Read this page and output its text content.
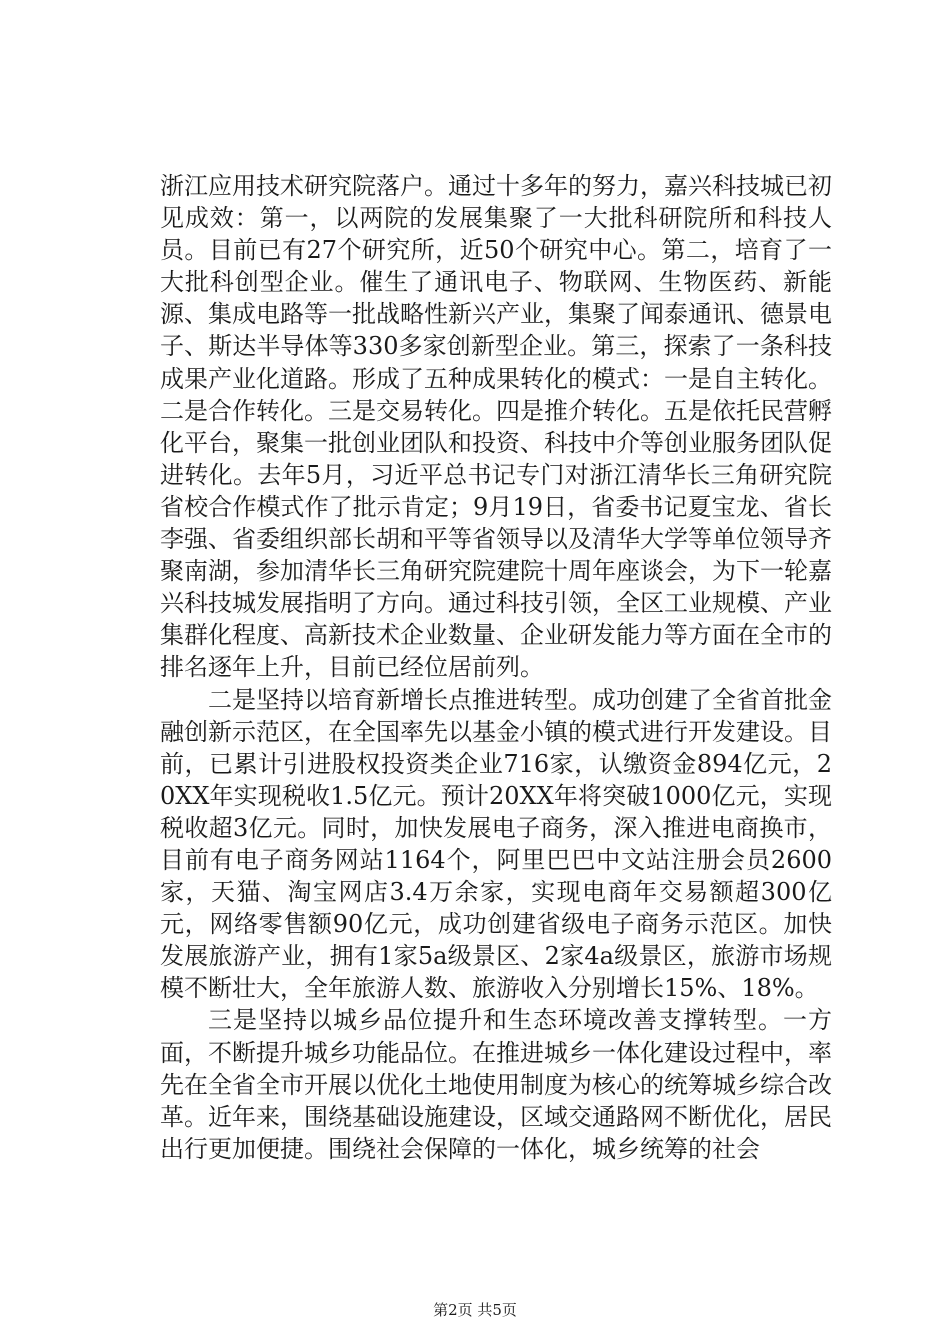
浙江应用技术研究院落户。通过十多年的努力，嘉兴科技城已初见成效：第一，以两院的发展集聚了一大批科研院所和科技人员。目前已有27个研究所，近50个研究中心。第二，培育了一大批科创型企业。催生了通讯电子、物联网、生物医药、新能源、集成电路等一批战略性新兴产业，集聚了闻泰通讯、德景电子、斯达半导体等330多家创新型企业。第三，探索了一条科技成果产业化道路。形成了五种成果转化的模式：一是自主转化。二是合作转化。三是交易转化。四是推介转化。五是依托民营孵化平台，聚集一批创业团队和投资、科技中介等创业服务团队促进转化。去年5月，习近平总书记专门对浙江清华长三角研究院省校合作模式作了批示肯定；9月19日，省委书记夏宝龙、省长李强、省委组织部长胡和平等省领导以及清华大学等单位领导齐聚南湖，参加清华长三角研究院建院十周年座谈会，为下一轮嘉兴科技城发展指明了方向。通过科技引领，全区工业规模、产业集群化程度、高新技术企业数量、企业研发能力等方面在全市的排名逐年上升，目前已经位居前列。

二是坚持以培育新增长点推进转型。成功创建了全省首批金融创新示范区，在全国率先以基金小镇的模式进行开发建设。目前，已累计引进股权投资类企业716家，认缴资金894亿元，20XX年实现税收1.5亿元。预计20XX年将突破1000亿元，实现税收超3亿元。同时，加快发展电子商务，深入推进电商换市，目前有电子商务网站1164个，阿里巴巴中文站注册会员2600家，天猫、淘宝网店3.4万余家，实现电商年交易额超300亿元，网络零售额90亿元，成功创建省级电子商务示范区。加快发展旅游产业，拥有1家5a级景区、2家4a级景区，旅游市场规模不断壮大，全年旅游人数、旅游收入分别增长15%、18%。

三是坚持以城乡品位提升和生态环境改善支撑转型。一方面，不断提升城乡功能品位。在推进城乡一体化建设过程中，率先在全省全市开展以优化土地使用制度为核心的统筹城乡综合改革。近年来，围绕基础设施建设，区域交通路网不断优化，居民出行更加便捷。围绕社会保障的一体化，城乡统筹的社会

第2页 共5页
